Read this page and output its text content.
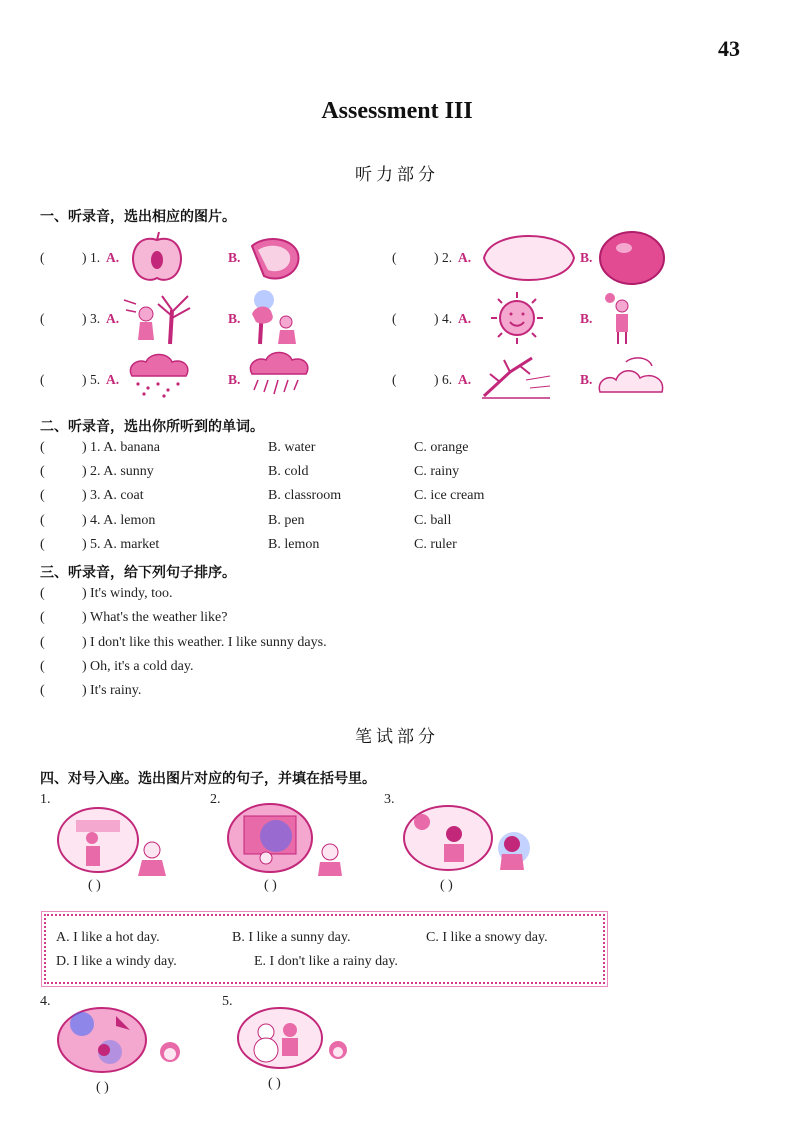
43
Assessment III
听力部分
一、听录音，选出相应的图片。
(	) 1. A.	B.	(	) 2. A.	B.
(	) 3. A.	B.	(	) 4. A.	B.
(	) 5. A.	B.	(	) 6. A.	B.
二、听录音，选出你所听到的单词。
(	) 1. A. banana	B. water	C. orange
(	) 2. A. sunny	B. cold	C. rainy
(	) 3. A. coat	B. classroom	C. ice cream
(	) 4. A. lemon	B. pen	C. ball
(	) 5. A. market	B. lemon	C. ruler
三、听录音，给下列句子排序。
(	) It's windy, too.
(	) What's the weather like?
(	) I don't like this weather. I like sunny days.
(	) Oh, it's a cold day.
(	) It's rainy.
笔试部分
四、对号入座。选出图片对应的句子，并填在括号里。
1.
( )
2.
( )
3.
( )
A. I like a hot day.	B. I like a sunny day.	C. I like a snowy day.
D. I like a windy day.	E. I don't like a rainy day.
4.
( )
5.
( )
